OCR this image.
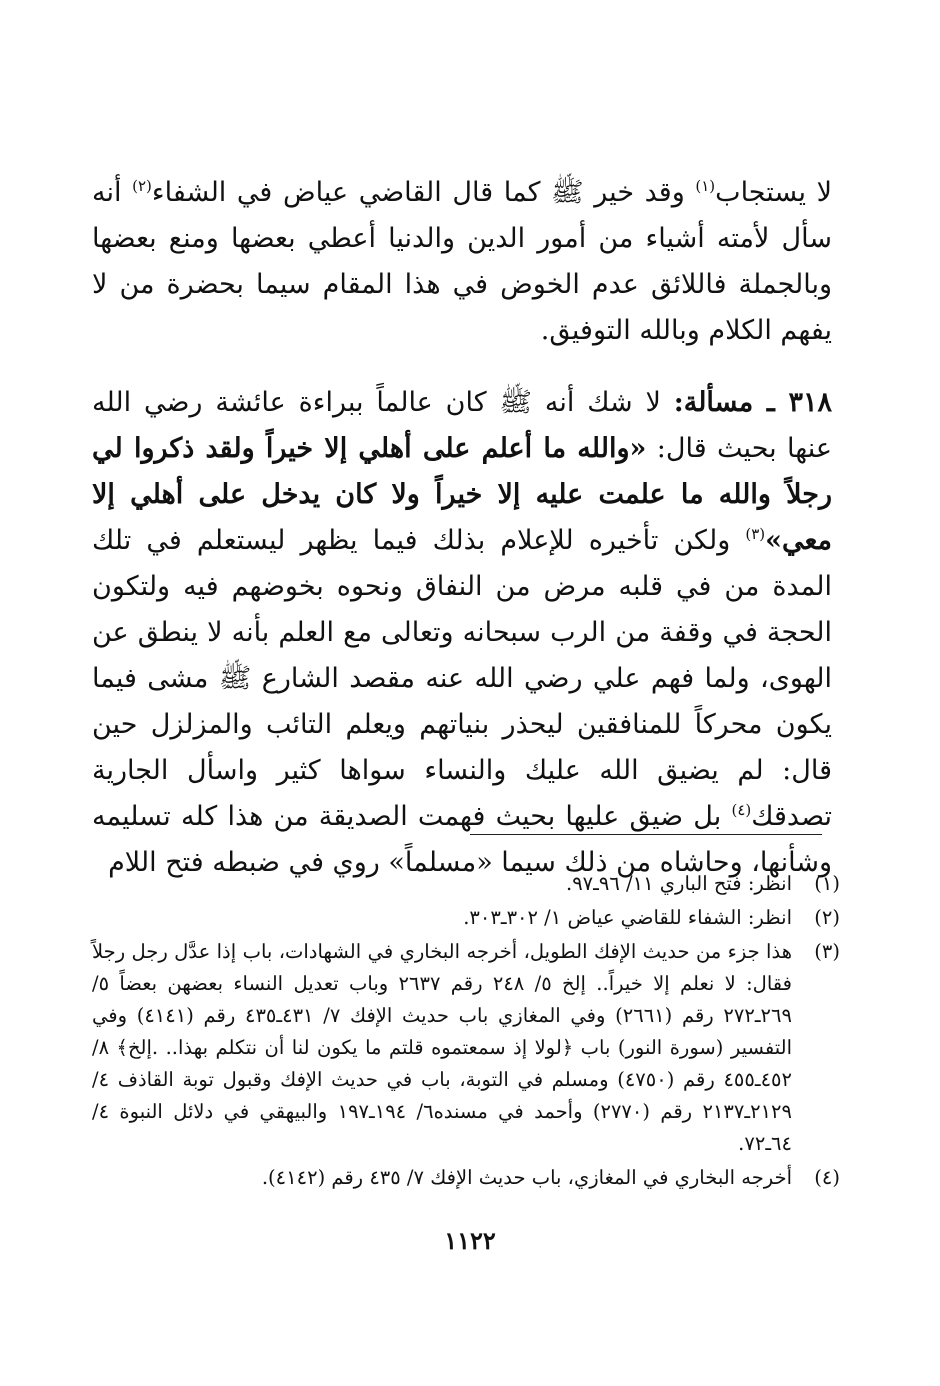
لا يستجاب$^{(١)}$ وقد خير ﷺ كما قال القاضي عياض في الشفاء$^{(٢)}$ أنه سأل لأمته أشياء من أمور الدين والدنيا أعطي بعضها ومنع بعضها وبالجملة فاللائق عدم الخوض في هذا المقام سيما بحضرة من لا يفهم الكلام وبالله التوفيق.

٣١٨ ـ مسألة: لا شك أنه ﷺ كان عالماً ببراءة عائشة رضي الله عنها بحيث قال: «والله ما أعلم على أهلي إلا خيراً ولقد ذكروا لي رجلاً والله ما علمت عليه إلا خيراً ولا كان يدخل على أهلي إلا معي»$^{(٣)}$ ولكن تأخيره للإعلام بذلك فيما يظهر ليستعلم في تلك المدة من في قلبه مرض من النفاق ونحوه بخوضهم فيه ولتكون الحجة في وقفة من الرب سبحانه وتعالى مع العلم بأنه لا ينطق عن الهوى، ولما فهم علي رضي الله عنه مقصد الشارع ﷺ مشى فيما يكون محركاً للمنافقين ليحذر بنياتهم ويعلم التائب والمزلزل حين قال: لم يضيق الله عليك والنساء سواها كثير واسأل الجارية تصدقك$^{(٤)}$ بل ضيق عليها بحيث فهمت الصديقة من هذا كله تسليمه وشأنها، وحاشاه من ذلك سيما «مسلماً» روي في ضبطه فتح اللام

(١)
انظر: فتح الباري ١١/ ٩٦ـ٩٧.
(٢)
انظر: الشفاء للقاضي عياض ١/ ٣٠٢ـ٣٠٣.
(٣)
هذا جزء من حديث الإفك الطويل، أخرجه البخاري في الشهادات، باب إذا عدَّل رجل رجلاً فقال: لا نعلم إلا خيراً.. إلخ ٥/ ٢٤٨ رقم ٢٦٣٧ وباب تعديل النساء بعضهن بعضاً ٥/ ٢٦٩ـ٢٧٢ رقم (٢٦٦١) وفي المغازي باب حديث الإفك ٧/ ٤٣١ـ٤٣٥ رقم (٤١٤١) وفي التفسير (سورة النور) باب ﴿لولا إذ سمعتموه قلتم ما يكون لنا أن نتكلم بهذا.. .إلخ﴾ ٨/ ٤٥٢ـ٤٥٥ رقم (٤٧٥٠) ومسلم في التوبة، باب في حديث الإفك وقبول توبة القاذف ٤/ ٢١٢٩ـ٢١٣٧ رقم (٢٧٧٠) وأحمد في مسنده٦/ ١٩٤ـ١٩٧ والبيهقي في دلائل النبوة ٤/ ٦٤ـ٧٢.
(٤)
أخرجه البخاري في المغازي، باب حديث الإفك ٧/ ٤٣٥ رقم (٤١٤٢).
١١٢٢
